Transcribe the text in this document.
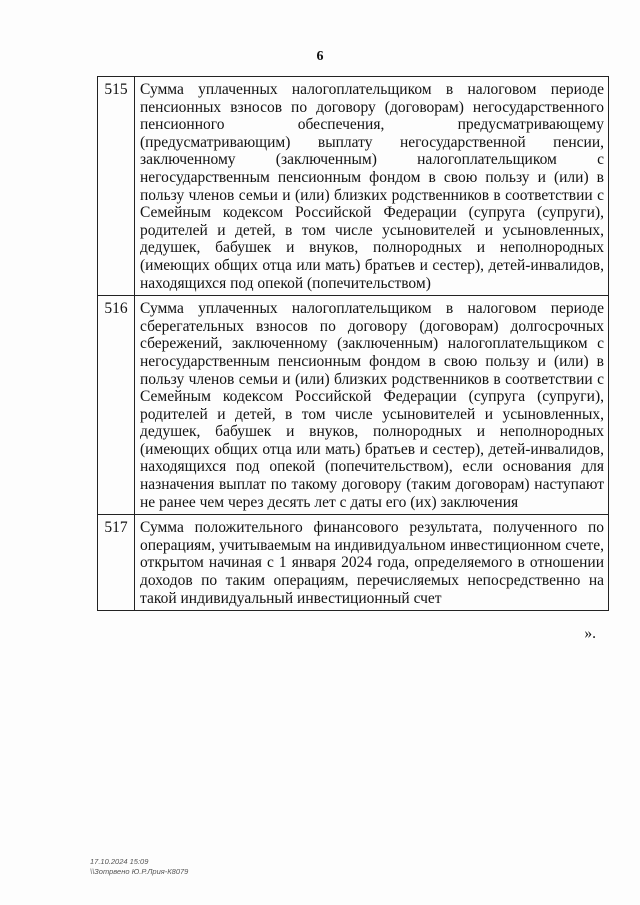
6
515	Сумма уплаченных налогоплательщиком в налоговом периоде пенсионных взносов по договору (договорам) негосударственного пенсионного обеспечения, предусматривающему (предусматривающим) выплату негосударственной пенсии, заключенному (заключенным) налогоплательщиком с негосударственным пенсионным фондом в свою пользу и (или) в пользу членов семьи и (или) близких родственников в соответствии с Семейным кодексом Российской Федерации (супруга (супруги), родителей и детей, в том числе усыновителей и усыновленных, дедушек, бабушек и внуков, полнородных и неполнородных (имеющих общих отца или мать) братьев и сестер), детей-инвалидов, находящихся под опекой (попечительством)
516	Сумма уплаченных налогоплательщиком в налоговом периоде сберегательных взносов по договору (договорам) долгосрочных сбережений, заключенному (заключенным) налогоплательщиком с негосударственным пенсионным фондом в свою пользу и (или) в пользу членов семьи и (или) близких родственников в соответствии с Семейным кодексом Российской Федерации (супруга (супруги), родителей и детей, в том числе усыновителей и усыновленных, дедушек, бабушек и внуков, полнородных и неполнородных (имеющих общих отца или мать) братьев и сестер), детей-инвалидов, находящихся под опекой (попечительством), если основания для назначения выплат по такому договору (таким договорам) наступают не ранее чем через десять лет с даты его (их) заключения
517	Сумма положительного финансового результата, полученного по операциям, учитываемым на индивидуальном инвестиционном счете, открытом начиная с 1 января 2024 года, определяемого в отношении доходов по таким операциям, перечисляемых непосредственно на такой индивидуальный инвестиционный счет
».
17.10.2024 15:09
\\Зотрвено Ю.Р.Лрия-К8079
